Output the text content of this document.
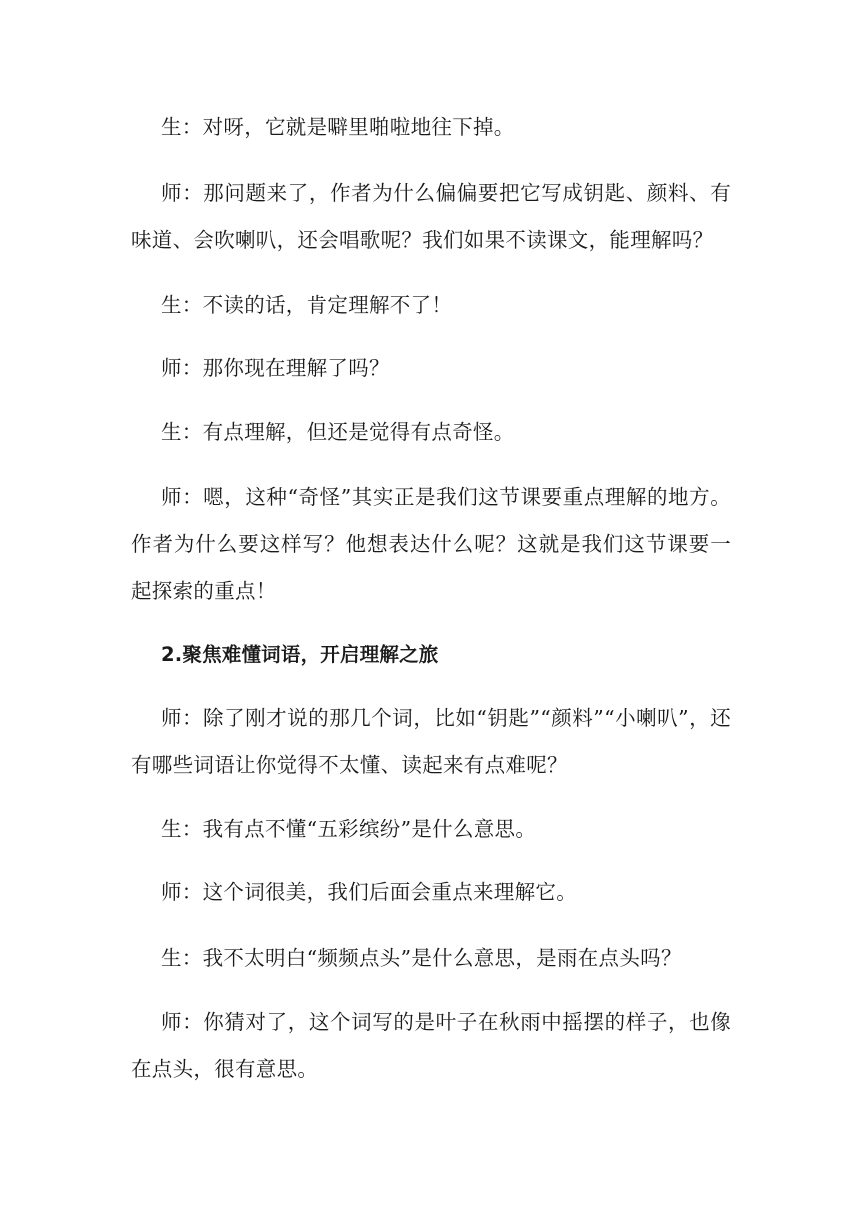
生：对呀，它就是噼里啪啦地往下掉。

师：那问题来了，作者为什么偏偏要把它写成钥匙、颜料、有味道、会吹喇叭，还会唱歌呢？我们如果不读课文，能理解吗？

生：不读的话，肯定理解不了！

师：那你现在理解了吗？

生：有点理解，但还是觉得有点奇怪。

师：嗯，这种“奇怪”其实正是我们这节课要重点理解的地方。作者为什么要这样写？他想表达什么呢？这就是我们这节课要一起探索的重点！

2.聚焦难懂词语，开启理解之旅

师：除了刚才说的那几个词，比如“钥匙”“颜料”“小喇叭”，还有哪些词语让你觉得不太懂、读起来有点难呢？

生：我有点不懂“五彩缤纷”是什么意思。

师：这个词很美，我们后面会重点来理解它。

生：我不太明白“频频点头”是什么意思，是雨在点头吗？

师：你猜对了，这个词写的是叶子在秋雨中摇摆的样子，也像在点头，很有意思。
